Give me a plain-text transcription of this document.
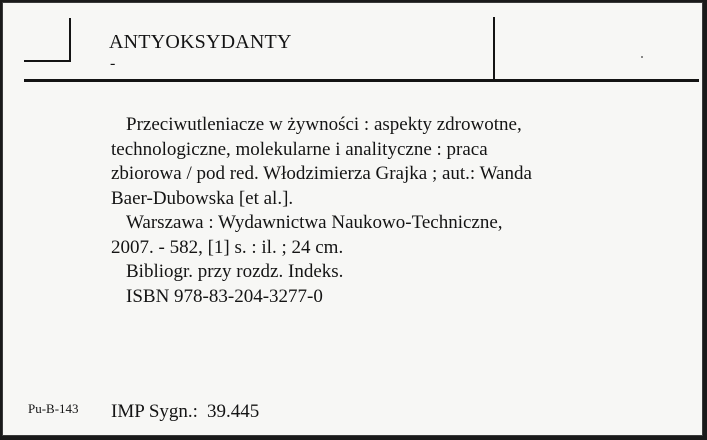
ANTYOKSYDANTY
-

Przeciwutleniacze w żywności : aspekty zdrowotne,

technologiczne, molekularne i analityczne : praca

zbiorowa / pod red. Włodzimierza Grajka ; aut.: Wanda

Baer-Dubowska [et al.].

Warszawa : Wydawnictwa Naukowo-Techniczne,

2007. - 582, [1] s. : il. ; 24 cm.

Bibliogr. przy rozdz. Indeks.

ISBN 978-83-204-3277-0

Pu-B-143 IMP Sygn.: 39.445
